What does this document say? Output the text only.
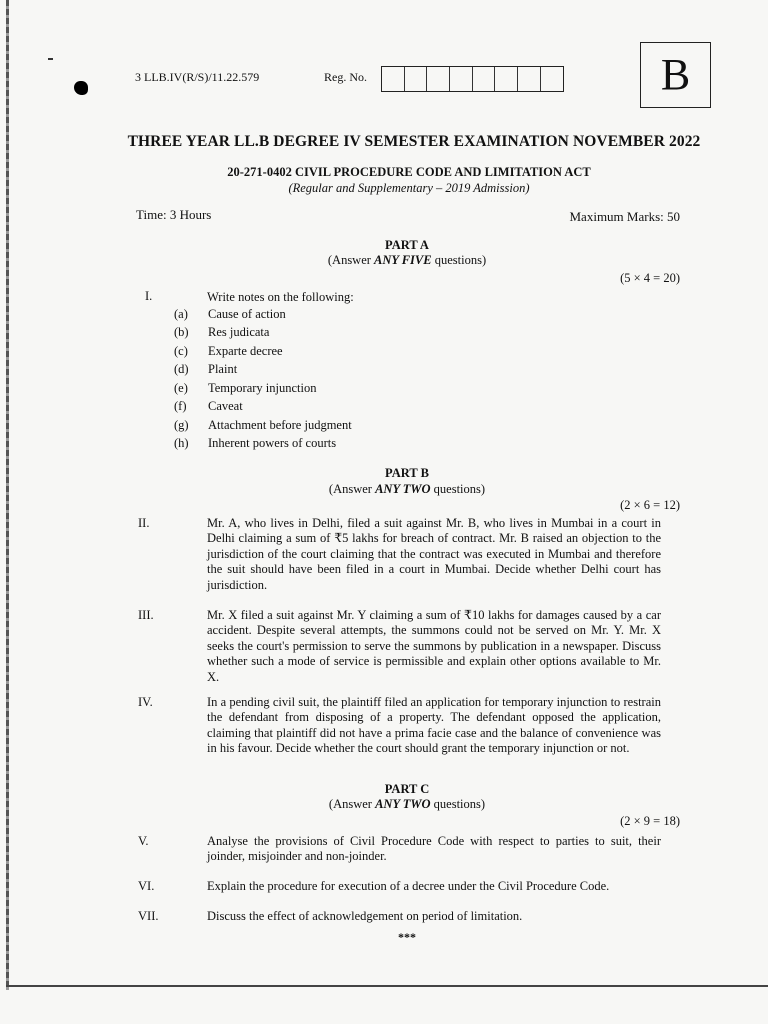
3 LLB.IV(R/S)/11.22.579	Reg. No.	B
THREE YEAR LL.B DEGREE IV SEMESTER EXAMINATION NOVEMBER 2022
20-271-0402 CIVIL PROCEDURE CODE AND LIMITATION ACT
(Regular and Supplementary – 2019 Admission)
Time: 3 Hours	Maximum Marks: 50
PART A
(Answer ANY FIVE questions)
(5 × 4 = 20)
I.	Write notes on the following:
(a) Cause of action
(b) Res judicata
(c) Exparte decree
(d) Plaint
(e) Temporary injunction
(f) Caveat
(g) Attachment before judgment
(h) Inherent powers of courts
PART B
(Answer ANY TWO questions)
(2 × 6 = 12)
II.	Mr. A, who lives in Delhi, filed a suit against Mr. B, who lives in Mumbai in a court in Delhi claiming a sum of ₹5 lakhs for breach of contract. Mr. B raised an objection to the jurisdiction of the court claiming that the contract was executed in Mumbai and therefore the suit should have been filed in a court in Mumbai. Decide whether Delhi court has jurisdiction.
III.	Mr. X filed a suit against Mr. Y claiming a sum of ₹10 lakhs for damages caused by a car accident. Despite several attempts, the summons could not be served on Mr. Y. Mr. X seeks the court's permission to serve the summons by publication in a newspaper. Discuss whether such a mode of service is permissible and explain other options available to Mr. X.
IV.	In a pending civil suit, the plaintiff filed an application for temporary injunction to restrain the defendant from disposing of a property. The defendant opposed the application, claiming that plaintiff did not have a prima facie case and the balance of convenience was in his favour. Decide whether the court should grant the temporary injunction or not.
PART C
(Answer ANY TWO questions)
(2 × 9 = 18)
V.	Analyse the provisions of Civil Procedure Code with respect to parties to suit, their joinder, misjoinder and non-joinder.
VI.	Explain the procedure for execution of a decree under the Civil Procedure Code.
VII.	Discuss the effect of acknowledgement on period of limitation.
***
